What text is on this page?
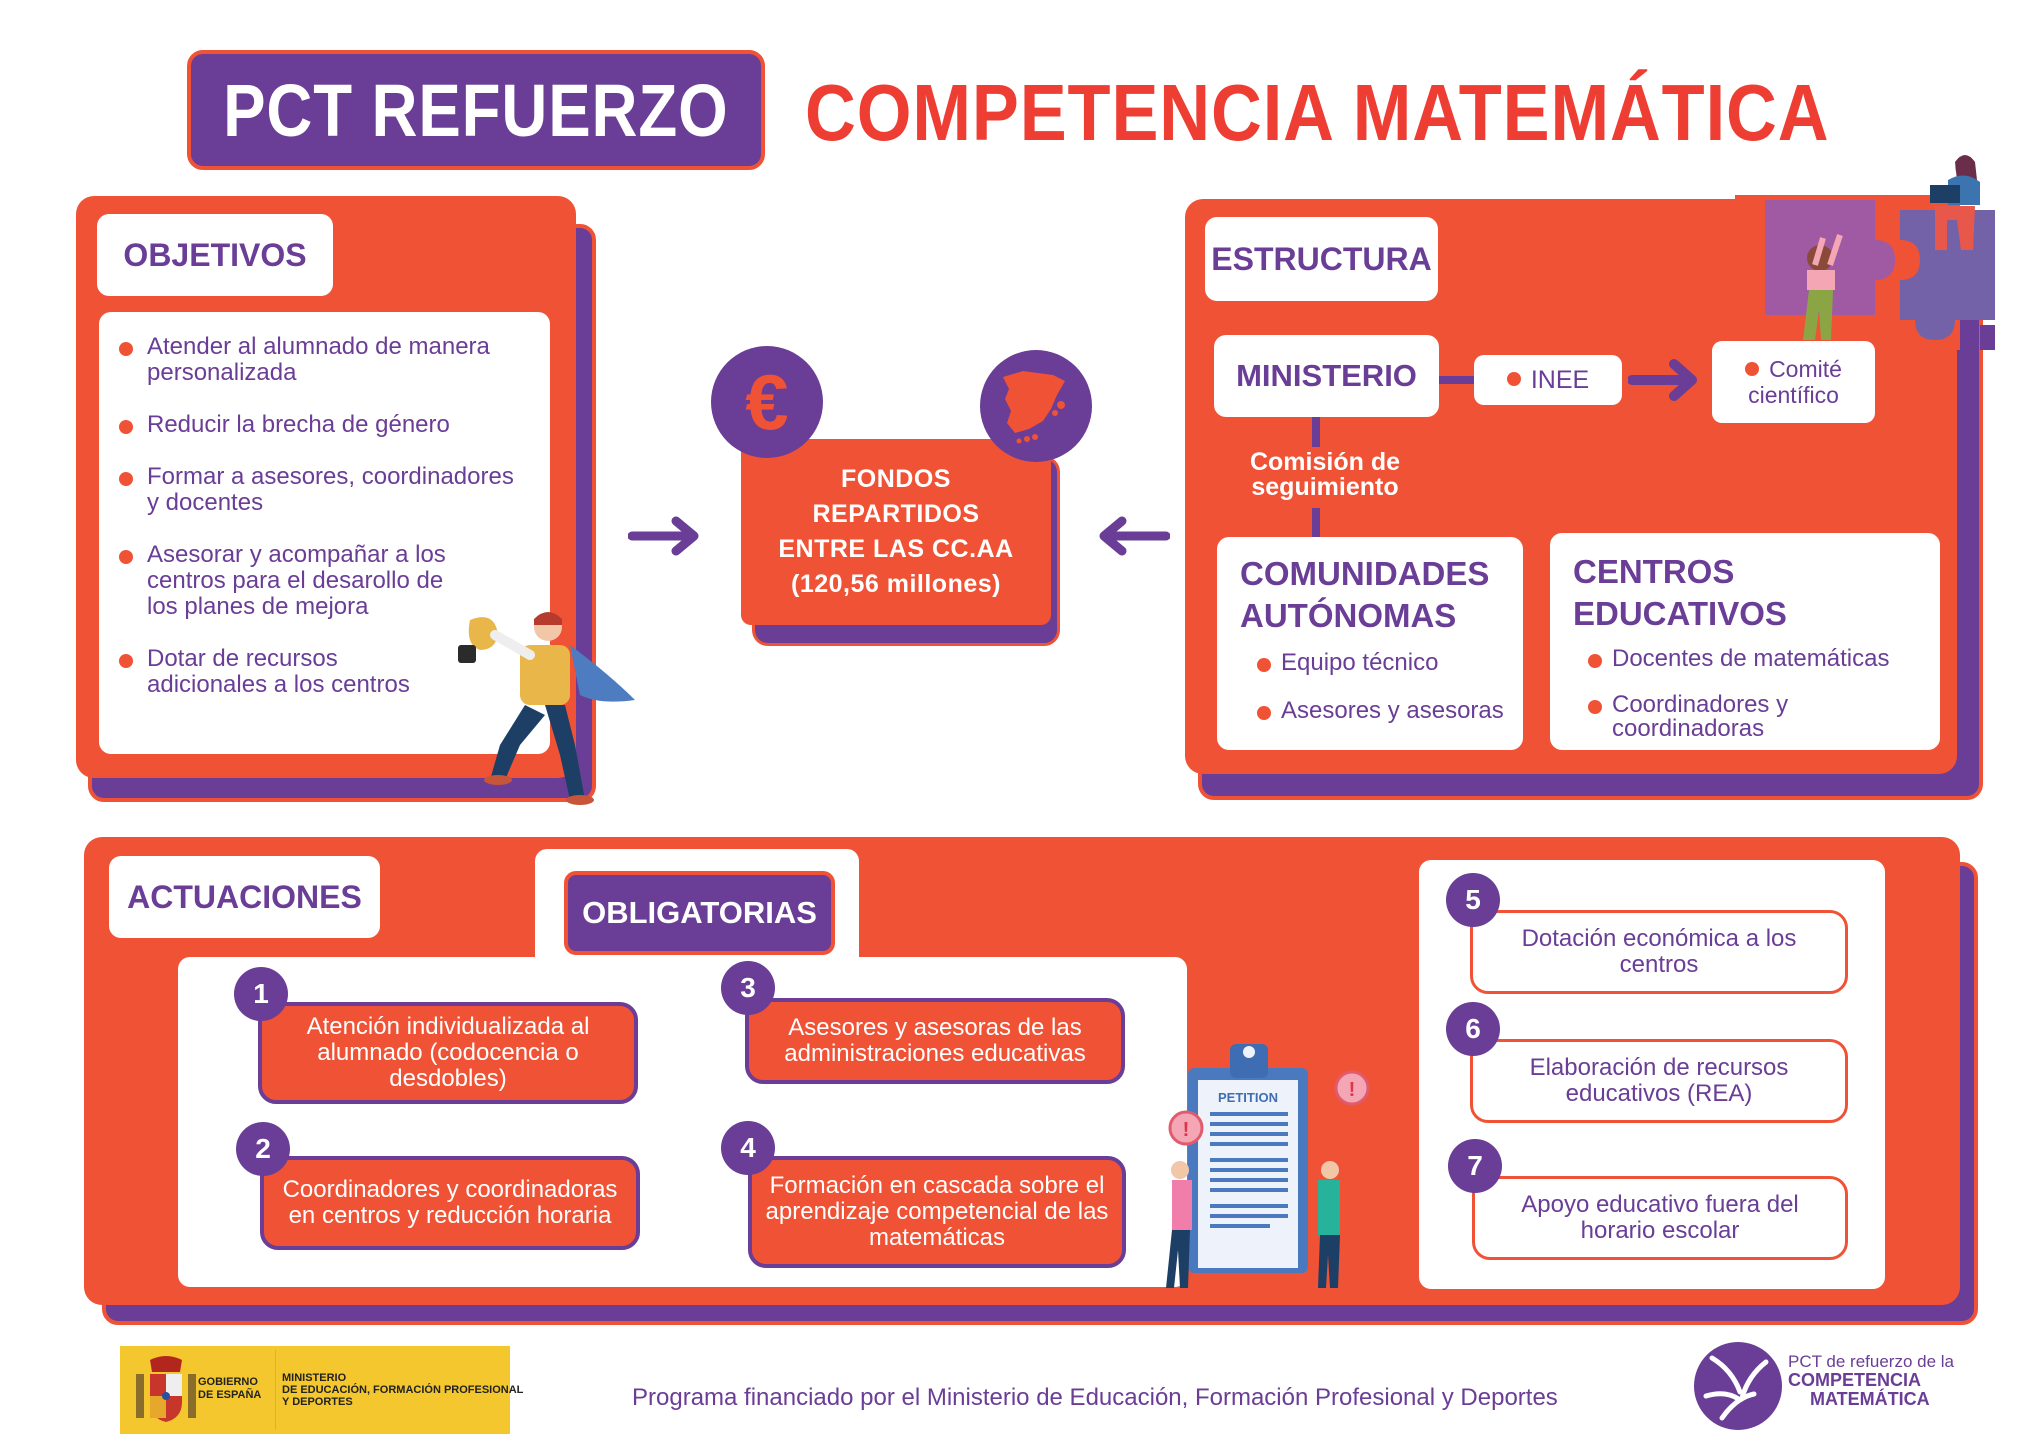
PCT REFUERZO COMPETENCIA MATEMÁTICA
OBJETIVOS
Atender al alumnado de manera personalizada
Reducir la brecha de género
Formar a asesores, coordinadores y docentes
Asesorar y acompañar a los centros para el desarollo de los planes de mejora
Dotar de recursos adicionales a los centros
FONDOS
REPARTIDOS
ENTRE LAS CC.AA
(120,56 millones)
€
ESTRUCTURA
MINISTERIO	INEE	Comité
científico
Comisión de
seguimiento
COMUNIDADES
AUTÓNOMAS
Equipo técnico
Asesores y asesoras
CENTROS
EDUCATIVOS
Docentes de matemáticas
Coordinadores y coordinadoras
ACTUACIONES	OBLIGATORIAS
Atención individualizada al alumnado (codocencia o desdobles)
1
Coordinadores y coordinadoras en centros y reducción horaria
2
Asesores y asesoras de las administraciones educativas
3
Formación en cascada sobre el aprendizaje competencial de las matemáticas
4
PETITION
!
!
Dotación económica a los centros
5
Elaboración de recursos educativos (REA)
6
Apoyo educativo fuera del horario escolar
7
GOBIERNO
DE ESPAÑA
MINISTERIO
DE EDUCACIÓN, FORMACIÓN PROFESIONAL
Y DEPORTES	Programa financiado por el Ministerio de Educación, Formación Profesional y Deportes
PCT de refuerzo de la
COMPETENCIA
MATEMÁTICA
